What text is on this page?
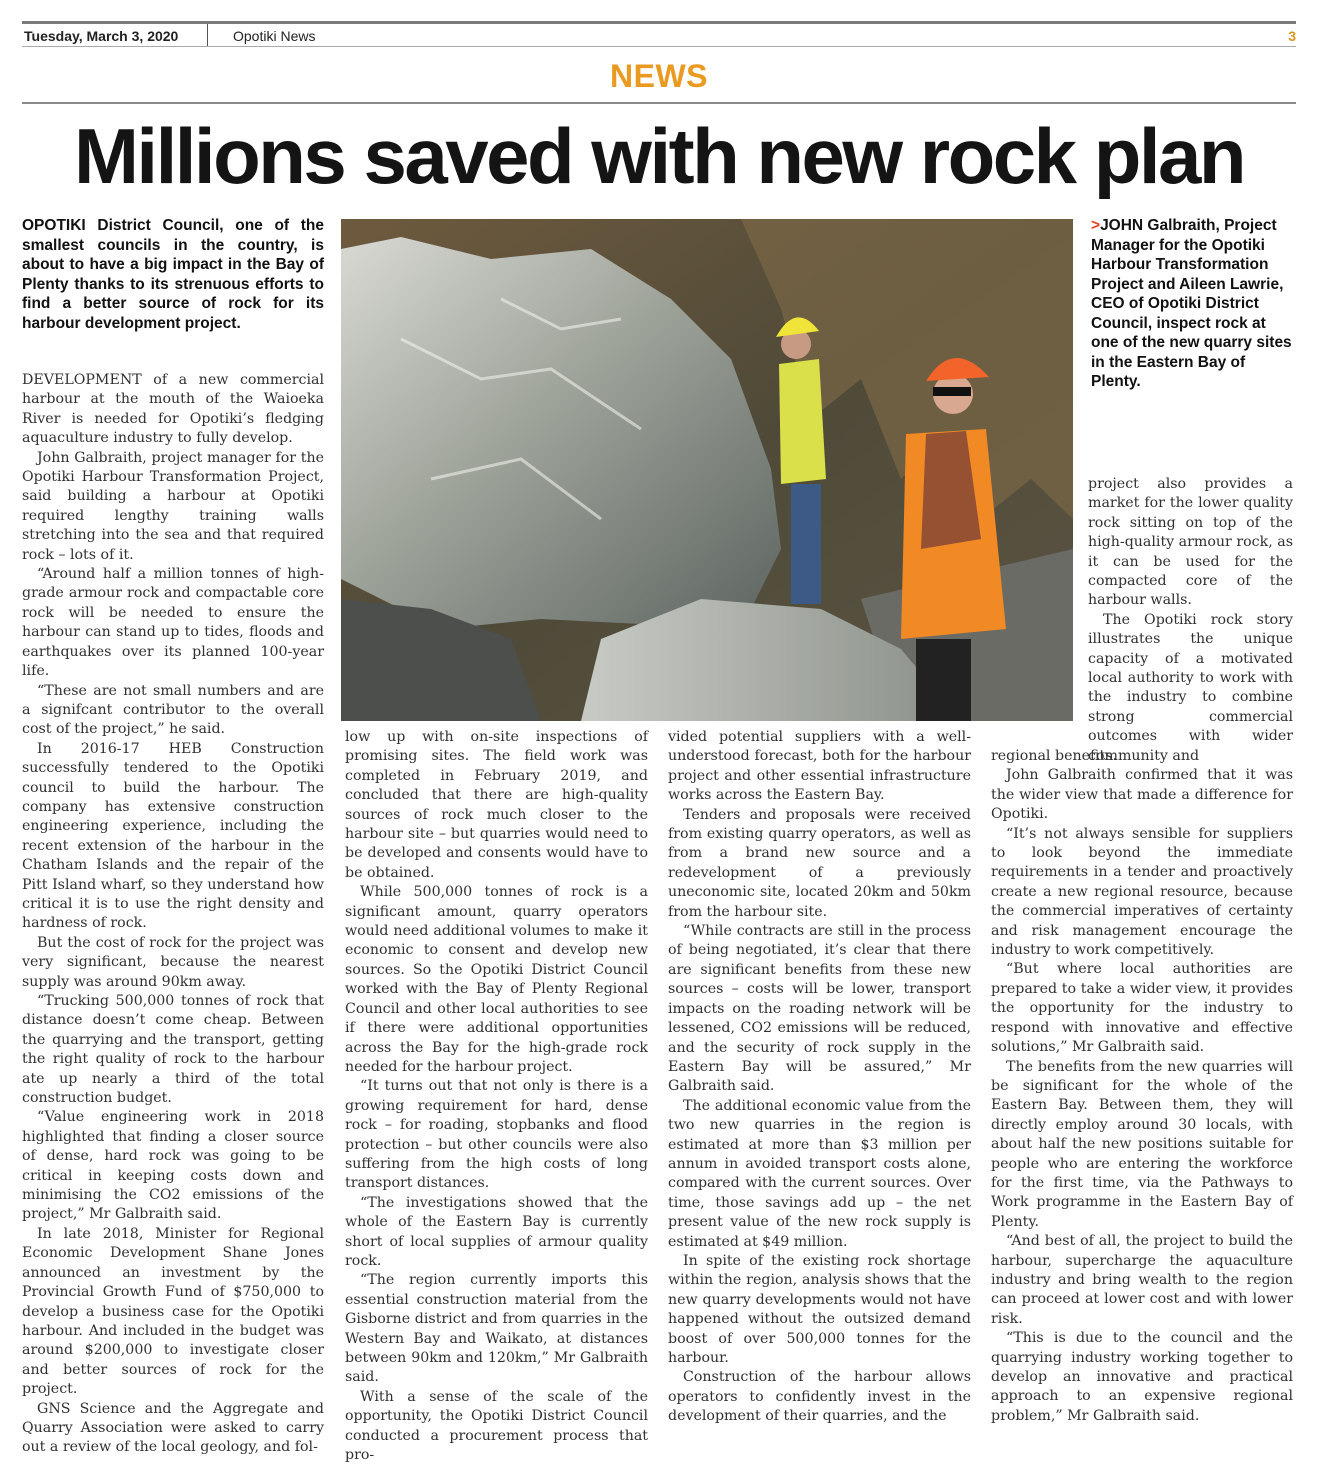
Tuesday, March 3, 2020	Opotiki News	3
NEWS
Millions saved with new rock plan
OPOTIKI District Council, one of the smallest councils in the country, is about to have a big impact in the Bay of Plenty thanks to its strenuous efforts to find a better source of rock for its harbour development project.
>JOHN Galbraith, Project Manager for the Opotiki Harbour Transformation Project and Aileen Lawrie, CEO of Opotiki District Council, inspect rock at one of the new quarry sites in the Eastern Bay of Plenty.

DEVELOPMENT of a new commercial harbour at the mouth of the Waioeka River is needed for Opotiki’s fledging aquaculture industry to fully develop.

John Galbraith, project manager for the Opotiki Harbour Transformation Project, said building a harbour at Opotiki required lengthy training walls stretching into the sea and that required rock – lots of it.

“Around half a million tonnes of high-grade armour rock and compactable core rock will be needed to ensure the harbour can stand up to tides, floods and earthquakes over its planned 100-year life.

“These are not small numbers and are a signifcant contributor to the overall cost of the project,” he said.

In 2016-17 HEB Construction successfully tendered to the Opotiki council to build the harbour. The company has extensive construction engineering experience, including the recent extension of the harbour in the Chatham Islands and the repair of the Pitt Island wharf, so they understand how critical it is to use the right density and hardness of rock.

But the cost of rock for the project was very significant, because the nearest supply was around 90km away.

“Trucking 500,000 tonnes of rock that distance doesn’t come cheap. Between the quarrying and the transport, getting the right quality of rock to the harbour ate up nearly a third of the total construction budget.

“Value engineering work in 2018 highlighted that finding a closer source of dense, hard rock was going to be critical in keeping costs down and minimising the CO2 emissions of the project,” Mr Galbraith said.

In late 2018, Minister for Regional Economic Development Shane Jones announced an investment by the Provincial Growth Fund of $750,000 to develop a business case for the Opotiki harbour. And included in the budget was around $200,000 to investigate closer and better sources of rock for the project.

GNS Science and the Aggregate and Quarry Association were asked to carry out a review of the local geology, and fol-

low up with on-site inspections of promising sites. The field work was completed in February 2019, and concluded that there are high-quality sources of rock much closer to the harbour site – but quarries would need to be developed and consents would have to be obtained.

While 500,000 tonnes of rock is a significant amount, quarry operators would need additional volumes to make it economic to consent and develop new sources. So the Opotiki District Council worked with the Bay of Plenty Regional Council and other local authorities to see if there were additional opportunities across the Bay for the high-grade rock needed for the harbour project.

“It turns out that not only is there is a growing requirement for hard, dense rock – for roading, stopbanks and flood protection – but other councils were also suffering from the high costs of long transport distances.

“The investigations showed that the whole of the Eastern Bay is currently short of local supplies of armour quality rock.

“The region currently imports this essential construction material from the Gisborne district and from quarries in the Western Bay and Waikato, at distances between 90km and 120km,” Mr Galbraith said.

With a sense of the scale of the opportunity, the Opotiki District Council conducted a procurement process that pro-

vided potential suppliers with a well-understood forecast, both for the harbour project and other essential infrastructure works across the Eastern Bay.

Tenders and proposals were received from existing quarry operators, as well as from a brand new source and a redevelopment of a previously uneconomic site, located 20km and 50km from the harbour site.

“While contracts are still in the process of being negotiated, it’s clear that there are significant benefits from these new sources – costs will be lower, transport impacts on the roading network will be lessened, CO2 emissions will be reduced, and the security of rock supply in the Eastern Bay will be assured,” Mr Galbraith said.

The additional economic value from the two new quarries in the region is estimated at more than $3 million per annum in avoided transport costs alone, compared with the current sources. Over time, those savings add up – the net present value of the new rock supply is estimated at $49 million.

In spite of the existing rock shortage within the region, analysis shows that the new quarry developments would not have happened without the outsized demand boost of over 500,000 tonnes for the harbour.

Construction of the harbour allows operators to confidently invest in the development of their quarries, and the

project also provides a market for the lower quality rock sitting on top of the high-quality armour rock, as it can be used for the compacted core of the harbour walls.

The Opotiki rock story illustrates the unique capacity of a motivated local authority to work with the industry to combine strong commercial outcomes with wider community and

regional benefits.

John Galbraith confirmed that it was the wider view that made a difference for Opotiki.

“It’s not always sensible for suppliers to look beyond the immediate requirements in a tender and proactively create a new regional resource, because the commercial imperatives of certainty and risk management encourage the industry to work competitively.

“But where local authorities are prepared to take a wider view, it provides the opportunity for the industry to respond with innovative and effective solutions,” Mr Galbraith said.

The benefits from the new quarries will be significant for the whole of the Eastern Bay. Between them, they will directly employ around 30 locals, with about half the new positions suitable for people who are entering the workforce for the first time, via the Pathways to Work programme in the Eastern Bay of Plenty.

“And best of all, the project to build the harbour, supercharge the aquaculture industry and bring wealth to the region can proceed at lower cost and with lower risk.

“This is due to the council and the quarrying industry working together to develop an innovative and practical approach to an expensive regional problem,” Mr Galbraith said.
